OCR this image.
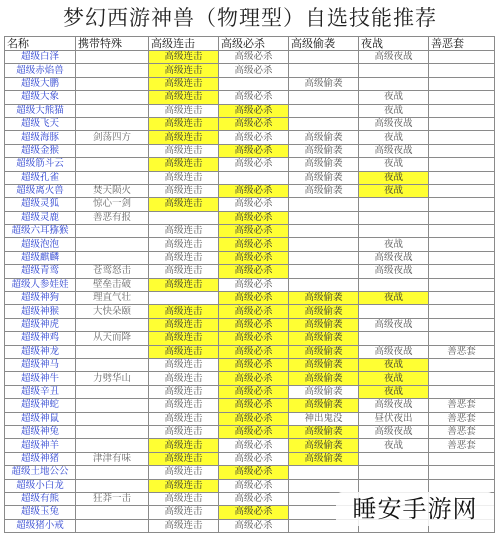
梦幻西游神兽（物理型）自选技能推荐
名称	携带特殊	高级连击	高级必杀	高级偷袭	夜战	善恶套
超级白泽		高级连击	高级必杀		高级夜战	
超级赤焰兽		高级连击	高级必杀			
超级大鹏		高级连击		高级偷袭		
超级大象		高级连击	高级必杀		夜战	
超级大熊猫		高级连击	高级必杀		夜战	
超级飞天		高级连击	高级必杀		高级夜战	
超级海豚	剑荡四方	高级连击	高级必杀	高级偷袭	夜战	
超级金猴		高级连击	高级必杀	高级偷袭	高级夜战	
超级筋斗云		高级连击	高级必杀	高级偷袭	夜战	
超级孔雀		高级连击		高级偷袭	夜战	
超级离火兽	焚天陨火	高级连击	高级必杀	高级偷袭	夜战	
超级灵狐	惊心一剑	高级连击	高级必杀			
超级灵鹿	善恶有报		高级必杀			
超级六耳猕猴		高级连击	高级必杀			
超级泡泡		高级连击	高级必杀		夜战	
超级麒麟		高级连击	高级必杀		高级夜战	
超级青鸾	苍鸾怒击	高级连击	高级必杀		高级夜战	
超级人参娃娃	壁垒击破	高级连击	高级必杀			
超级神狗	理直气壮		高级必杀	高级偷袭	夜战	
超级神猴	大快朵颐	高级连击	高级必杀	高级偷袭		
超级神虎		高级连击	高级必杀	高级偷袭	高级夜战	
超级神鸡	从天而降	高级连击	高级必杀	高级偷袭		
超级神龙		高级连击	高级必杀	高级偷袭	高级夜战	善恶套
超级神马		高级连击	高级必杀	高级偷袭	夜战	
超级神牛	力劈华山	高级连击	高级必杀	高级偷袭	夜战	
超级辛丑		高级连击	高级必杀	高级偷袭	夜战	
超级神蛇		高级连击	高级必杀	高级偷袭	高级夜战	善恶套
超级神鼠		高级连击	高级必杀	神出鬼没	昼伏夜出	善恶套
超级神兔		高级连击	高级必杀	高级偷袭	高级夜战	善恶套
超级神羊		高级连击	高级必杀	高级偷袭	夜战	善恶套
超级神猪	津津有味	高级连击	高级必杀	高级偷袭		
超级土地公公		高级连击	高级必杀			
超级小白龙		高级连击	高级必杀			
超级有熊	狂莽一击	高级连击	高级必杀			
超级玉兔		高级连击	高级必杀			
超级猪小戒		高级连击	高级必杀			
睡安手游网
